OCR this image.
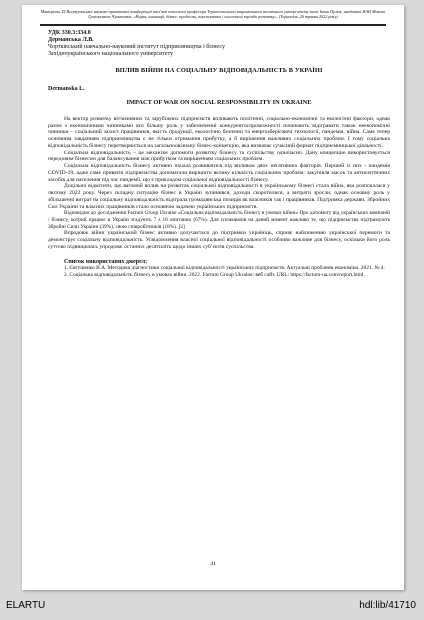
Матеріали XI Всеукраїнської науково-практичної конференції пам’яті почесного професора Тернопільського національного технічного університету імені Івана Пулюя, академіка НАН Миколи Григоровича Чумаченка: «Наука, інновації, бізнес: проблеми, перспективи і сьогочасні тренди розвитку». (Тернопіль, 26 травня 2022 року)
УДК 330.3:334.0
Дерманська Л.В.
Чортківський навчально-науковий інститут підприємництва і бізнесу
Західноукраїнського національного університету
ВПЛИВ ВІЙНИ НА СОЦІАЛЬНУ ВІДПОВІДАЛЬНІСТЬ В УКРАЇНІ
Dermanska L.
IMPACT OF WAR ON SOCIAL RESPONSIBILITY IN UKRAINE

На вектор розвитку вітчизняних та зарубіжних підприємств впливають політичні, соціально-економічні та екологічні фактори, однак разом з економічними чинниками все більшу роль у забезпеченні конкурентоспроможності починають відігравати також неекономічні чинники – соціальний захист працівників, якість продукції, екологічно безпечні та енергозберігаючі технології, пандемія, війна. Саме тепер основним завданням підприємництва є не тільки отримання прибутку, а й вирішення важливих соціальних проблем. І тому соціальна відповідальність бізнесу перетворюється на загальноовізнану бізнес-концепцію, яка визначає сучасний формат підприємницької діяльності.

Соціальна відповідальність – це механізм допомоги розвитку бізнесу та суспільству одночасно. Дану концепцію використовується передовим бізнесом для балансування між прибутком та вирішенням соціальних проблем.

Соціальна відповідальність бізнесу активно почала розвиватися під впливом двох негативних факторів. Перший із них - пандемія COVID-19, адже саме приватні підприємства допомагали вирішити велику кількість соціальних проблем: закупівля масок та антисептичних засобів для населення під час пандемії, що є прикладом соціальної відповідальності бізнесу.

Доцільно відмітити, що вагомий вплив на розвиток соціальної відповідальності в українському бізнесі стала війна, яка розпочалася у лютому 2022 року. Через складну ситуацію бізнес в Україні зупинився, доходи скоротилися, а витрати зросли, однак основну роль у збільшенні витрат на соціальну відповідальність відіграла громадянська позиція як власників так і працівників. Підтримка держави, Збройних Сил України та власних працівників стало основною задачею українських підприємств.

Відповідно до дослідження Factum Group Ukraine «Соціальна відповідальність бізнесу в умовах війни» Про допомогу від українських компаній / бізнесу, котрий працює в Україні згадують 7 з 10 опитаних (67%). Для споживачів на даний момент важливо те, що підприємства підтримують Збройні Сили України (39%), свою співробітників (18%). [2]

Впродовж війни український бізнес активно долучається до підтримки україніць, сприяє наближенню української перемоги та демонструє соціальну відповідальність. Усвідомлення власної соціальної відповідальності особливо важливе для бізнесу, оскільки його роль суттєво підвищилась упродовж останніх десятиліть щодо інших суб’єктів суспільства.

Список використаних джерел:

1. Євтушенко В.А. Методика діагностики соціальної відповідальності українських підприємств. Актуальні проблеми економіки. 2021. № 4.

2. Соціальна відповідальність бізнесу в умовах війни. 2022. Factum Group Ukraine: веб сайт. URL: https://factum-ua.com/report.html.

41
ELARTU	hdl:lib/41710
